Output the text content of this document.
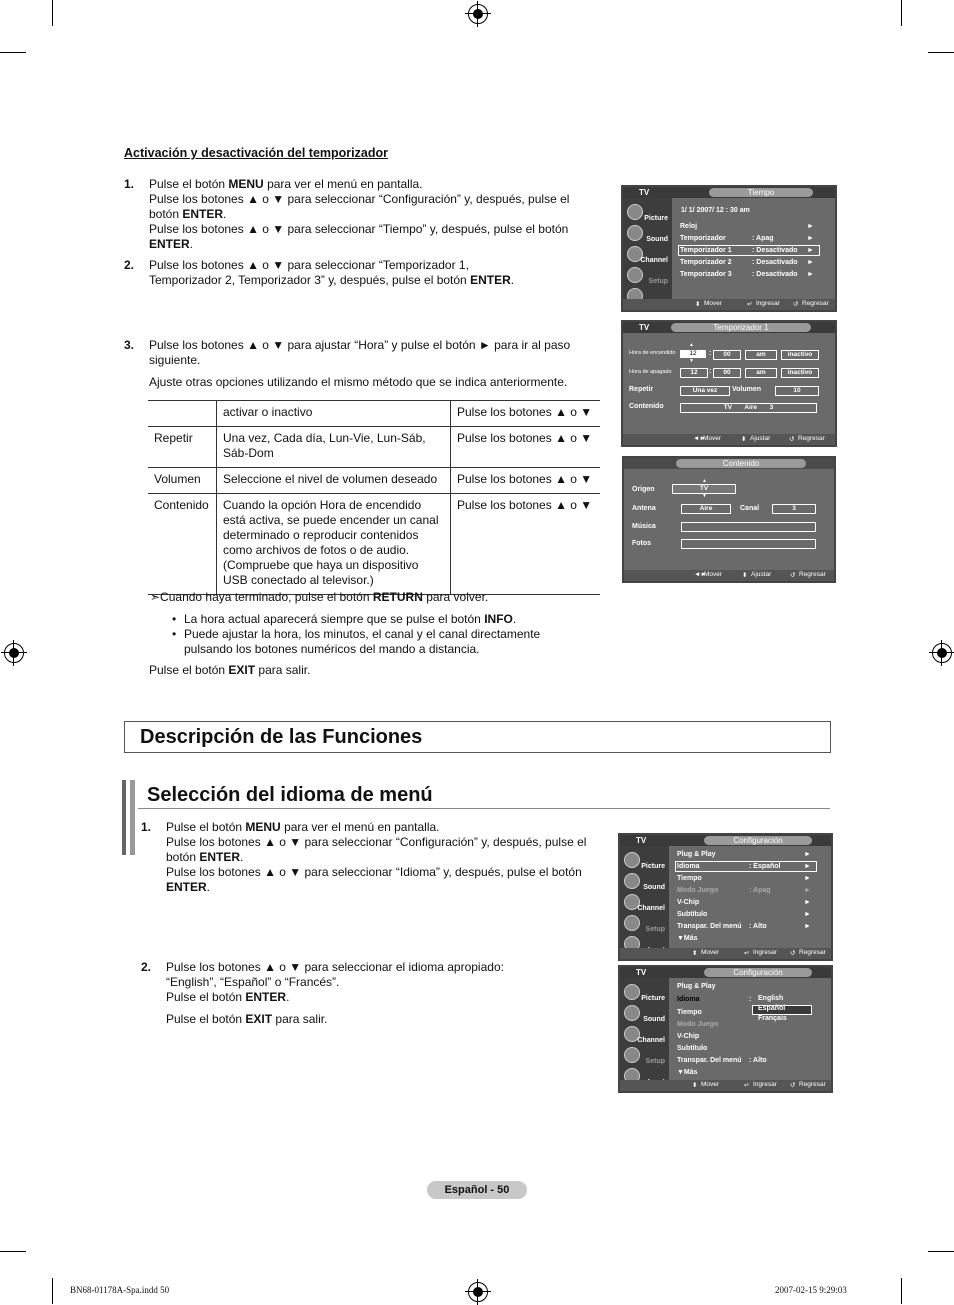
Activación y desactivación del temporizador
1. Pulse el botón MENU para ver el menú en pantalla.
Pulse los botones ▲ o ▼ para seleccionar “Configuración” y, después, pulse el
botón ENTER.
Pulse los botones ▲ o ▼ para seleccionar “Tiempo” y, después, pulse el botón
ENTER.
2. Pulse los botones ▲ o ▼ para seleccionar “Temporizador 1,
Temporizador 2, Temporizador 3” y, después, pulse el botón ENTER.
3. Pulse los botones ▲ o ▼ para ajustar “Hora” y pulse el botón ► para ir al paso
siguiente.
Ajuste otras opciones utilizando el mismo método que se indica anteriormente.
	activar o inactivo	Pulse los botones ▲ o ▼
Repetir	Una vez, Cada día, Lun-Vie, Lun-Sáb, Sáb-Dom	Pulse los botones ▲ o ▼
Volumen	Seleccione el nivel de volumen deseado	Pulse los botones ▲ o ▼
Contenido	Cuando la opción Hora de encendido está activa, se puede encender un canal determinado o reproducir contenidos como archivos de fotos o de audio. (Compruebe que haya un dispositivo USB conectado al televisor.)	Pulse los botones ▲ o ▼
➣Cuando haya terminado, pulse el botón RETURN para volver.
• La hora actual aparecerá siempre que se pulse el botón INFO.
• Puede ajustar la hora, los minutos, el canal y el canal directamente
pulsando los botones numéricos del mando a distancia.
Pulse el botón EXIT para salir.
TV	Tiempo
Picture
Sound
Channel
Setup
1/ 1/ 2007/ 12 : 30 am
Reloj	►
Temporizador	: Apag	►
Temporizador 1	: Desactivado ►
Temporizador 2	: Desactivado ►
Temporizador 3	: Desactivado ►
⬍ Mover	↵ Ingresar ↺ Regresar
TV	Temporizador 1
Hora de encendido
▲
12
▼
:	00	am	inactivo
Hora de apagado	12	:	00	am	inactivo
Repetir	Una vez	Volumen	10
Contenido	TV       Aire       3
◄►
Mover	⬍ Ajustar	↺ Regresar
Contenido
Origen
▲
TV
▼
Antena	Aire	Canal	3
Música
Fotos
◄►
Mover	⬍ Ajustar	↺ Regresar
Descripción de las Funciones
Selección del idioma de menú
1. Pulse el botón MENU para ver el menú en pantalla.
Pulse los botones ▲ o ▼ para seleccionar “Configuración” y, después, pulse el
botón ENTER.
Pulse los botones ▲ o ▼ para seleccionar “Idioma” y, después, pulse el botón
ENTER.
2. Pulse los botones ▲ o ▼ para seleccionar el idioma apropiado:
“English”, “Español” o “Francés”.
Pulse el botón ENTER.
Pulse el botón EXIT para salir.
TV	Configuración
Picture
Sound
Channel
Setup
Plug & Play	►
Idioma	: Español	►
Tiempo	►
Modo Juego	: Apag	►
V-Chip	►
Subtítulo	►
Transpar. Del menú : Alto	►
▼Más
⬍ Mover	↵ Ingresar ↺ Regresar
TV	Configuración
Picture
Sound
Channel
Setup
Plug & Play
Idioma	:
Tiempo
Modo Juego
V-Chip
Subtítulo
Transpar. Del menú : Alto
▼Más
English
Español
Français
⬍ Mover	↵ Ingresar ↺ Regresar
Español - 50
BN68-01178A-Spa.indd 50	2007-02-15 9:29:03
